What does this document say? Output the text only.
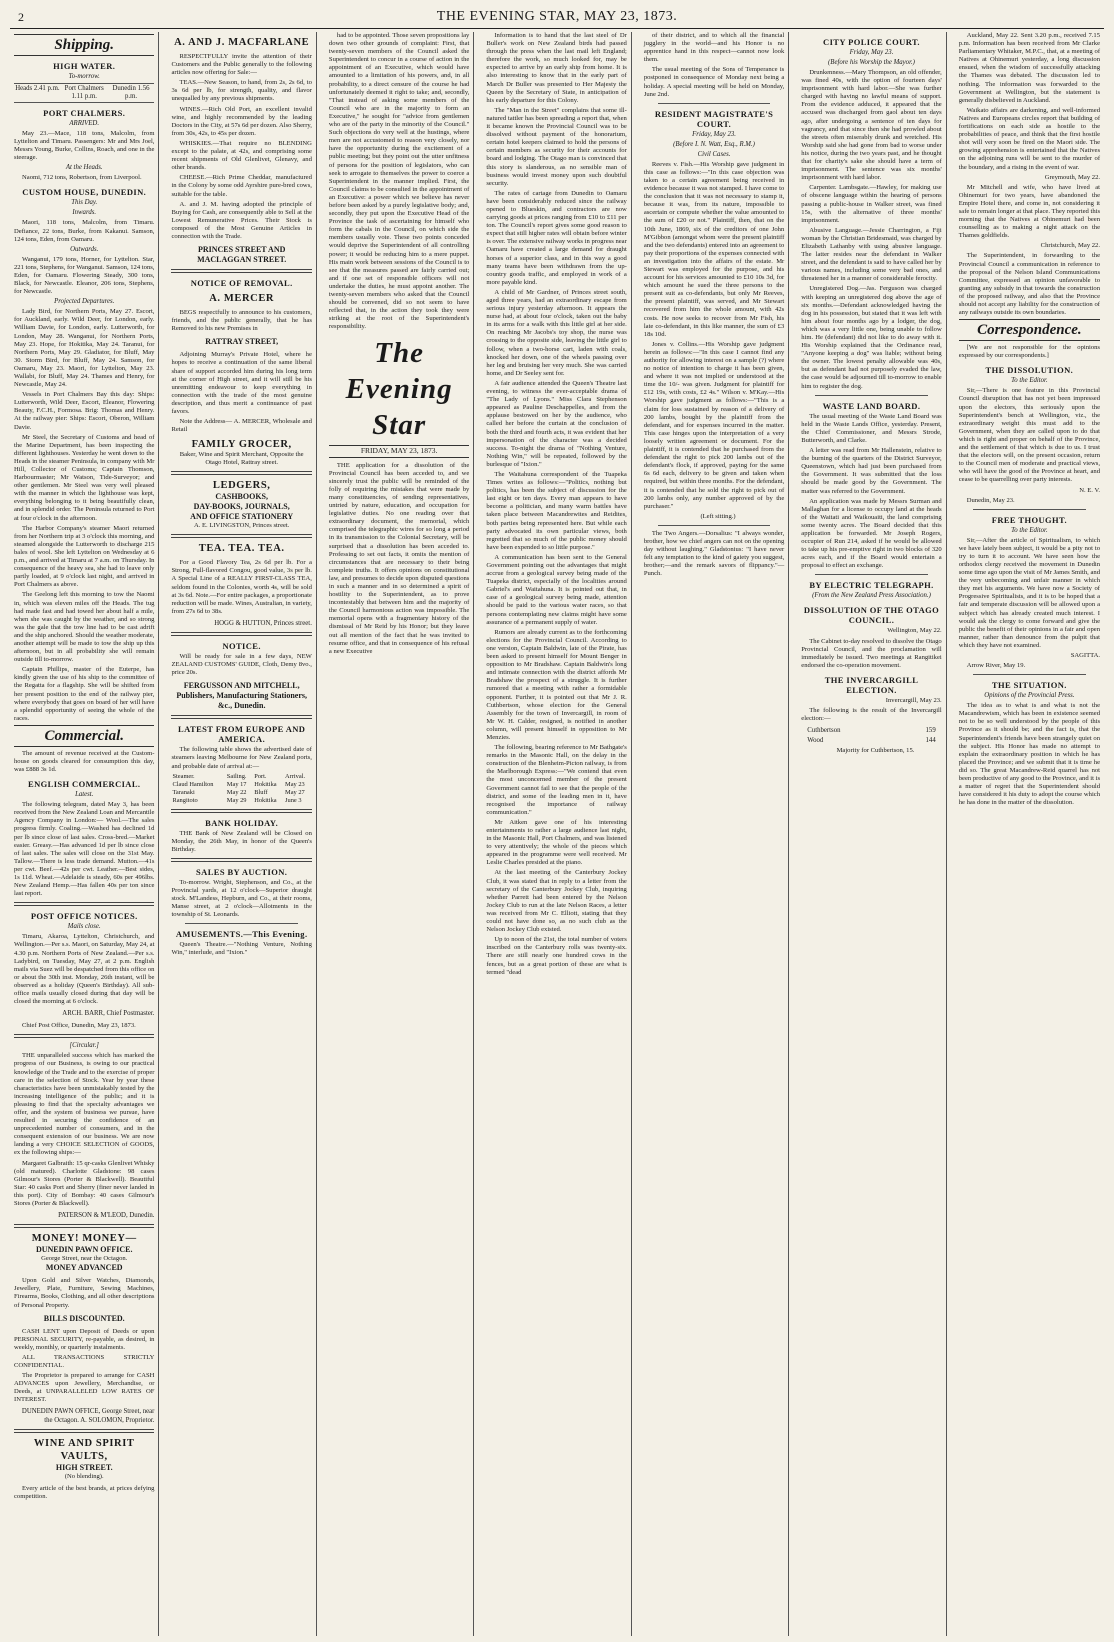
2	THE EVENING STAR, MAY 23, 1873.
Shipping.
HIGH WATER.
To-morrow.
Heads 2.41 p.m. Port Chalmers 1.11 p.m.
Dunedin 1.56 p.m.
PORT CHALMERS.
ARRIVED.

May 23.—Mace, 118 tons, Malcolm, from Lyttelton and Timaru. Passengers: Mr and Mrs Joel, Messrs Young, Burke, Collins, Roach, and one in the steerage.

At the Heads.

Naomi, 712 tons, Robertson, from Liverpool.

CUSTOM HOUSE, DUNEDIN.
This Day.
Inwards.

Maori, 118 tons, Malcolm, from Timaru. Defiance, 22 tons, Burke, from Kakanui. Samson, 124 tons, Eden, from Oamaru.

Outwards.

Wanganui, 179 tons, Horner, for Lyttelton. Star, 221 tons, Stephens, for Wanganui. Samson, 124 tons, Eden, for Oamaru. Flowering Steady, 300 tons, Black, for Newcastle. Eleanor, 206 tons, Stephens, for Newcastle.

Projected Departures.

Lady Bird, for Northern Ports, May 27. Escort, for Auckland, early. Wild Deer, for London, early. William Davie, for London, early. Lutterworth, for London, May 28. Wanganui, for Northern Ports, May 23. Hope, for Hokitika, May 24. Taranui, for Northern Ports, May 29. Gladiator, for Bluff, May 30. Storm Bird, for Bluff, May 24. Samson, for Oamaru, May 23. Maori, for Lyttelton, May 23. Wallabi, for Bluff, May 24. Thames and Henry, for Newcastle, May 24.

Vessels in Port Chalmers Bay this day: Ships: Lutterworth, Wild Deer, Escort, Eleanor, Flowering Beauty, F.C.H., Formosa. Brig: Thomas and Henry. At the railway pier: Ships: Escort, Oberon, William Davie.

Mr Steel, the Secretary of Customs and head of the Marine Department, has been inspecting the different lighthouses. Yesterday he went down to the Heads in the steamer Peninsula, in company with Mr Hill, Collector of Customs; Captain Thomson, Harbourmaster; Mr Watson, Tide-Surveyor; and other gentlemen. Mr Steel was very well pleased with the manner in which the lighthouse was kept, everything belonging to it being beautifully clean, and in splendid order. The Peninsula returned to Port at four o'clock in the afternoon.

The Harbor Company's steamer Maori returned from her Northern trip at 3 o'clock this morning, and steamed alongside the Lutterworth to discharge 215 bales of wool. She left Lyttelton on Wednesday at 6 p.m., and arrived at Timaru at 7 a.m. on Thursday. In consequence of the heavy sea, she had to leave only partly loaded, at 9 o'clock last night, and arrived in Port Chalmers as above.

The Geelong left this morning to tow the Naomi in, which was eleven miles off the Heads. The tug had made fast and had towed her about half a mile, when she was caught by the weather, and so strong was the gale that the tow line had to be cast adrift and the ship anchored. Should the weather moderate, another attempt will be made to tow the ship up this afternoon, but in all probability she will remain outside till to-morrow.

Captain Phillips, master of the Euterpe, has kindly given the use of his ship to the committee of the Regatta for a flagship. She will be shifted from her present position to the end of the railway pier, where everybody that goes on board of her will have a splendid opportunity of seeing the whole of the races.

Commercial.

The amount of revenue received at the Custom-house on goods cleared for consumption this day, was £888 3s 1d.

ENGLISH COMMERCIAL.
Latest.

The following telegram, dated May 3, has been received from the New Zealand Loan and Mercantile Agency Company in London:— Wool.—The sales progress firmly. Coaling.—Washed has declined 1d per lb since close of last sales. Cross-bred.—Market easier. Greasy.—Has advanced 1d per lb since close of last sales. The sales will close on the 31st May. Tallow.—There is less trade demand. Mutton.—41s per cwt. Beef.—42s per cwt. Leather.—Best sides, 1s 11d. Wheat.—Adelaide is steady, 60s per 496lbs. New Zealand Hemp.—Has fallen 40s per ton since last report.

POST OFFICE NOTICES.
Mails close.

Timaru, Akaroa, Lyttelton, Christchurch, and Wellington.—Per s.s. Maori, on Saturday, May 24, at 4.30 p.m. Northern Ports of New Zealand.—Per s.s. Ladybird, on Tuesday, May 27, at 2 p.m. English mails via Suez will be despatched from this office on or about the 30th inst. Monday, 26th instant, will be observed as a holiday (Queen's Birthday). All sub-office mails usually closed during that day will be closed the morning at 6 o'clock.

ARCH. BARR, Chief Postmaster.

Chief Post Office, Dunedin, May 23, 1873.

[Circular.]

THE unparalleled success which has marked the progress of our Business, is owing to our practical knowledge of the Trade and to the exercise of proper care in the selection of Stock. Year by year these characteristics have been unmistakably tested by the increasing intelligence of the public; and it is pleasing to find that the specialty advantages we offer, and the system of business we pursue, have resulted in securing the confidence of an unprecedented number of consumers, and in the consequent extension of our business. We are now landing a very CHOICE SELECTION of GOODS, ex the following ships:—

Margaret Galbraith: 15 qr-casks Glenlivet Whisky (old matured). Charlotte Gladstone: 98 cases Gilmour's Stores (Porter & Blackwell). Beautiful Star: 40 casks Port and Sherry (finer never landed in this port). City of Bombay: 40 cases Gilmour's Stores (Porter & Blackwell).

PATERSON & M'LEOD, Dunedin.
MONEY! MONEY—
DUNEDIN PAWN OFFICE.
George Street, near the Octagon.
MONEY ADVANCED

Upon Gold and Silver Watches, Diamonds, Jewellery, Plate, Furniture, Sewing Machines, Firearms, Books, Clothing, and all other descriptions of Personal Property.

BILLS DISCOUNTED.

CASH LENT upon Deposit of Deeds or upon PERSONAL SECURITY, re-payable, as desired, in weekly, monthly, or quarterly instalments.

ALL TRANSACTIONS STRICTLY CONFIDENTIAL.

The Proprietor is prepared to arrange for CASH ADVANCES upon Jewellery, Merchandise, or Deeds, at UNPARALLELED LOW RATES OF INTEREST.

DUNEDIN PAWN OFFICE, George Street, near the Octagon. A. SOLOMON, Proprietor.
WINE AND SPIRIT VAULTS,
HIGH STREET.
(No blending).

Every article of the best brands, at prices defying competition.

A. AND J. MACFARLANE

RESPECTFULLY invite the attention of their Customers and the Public generally to the following articles now offering for Sale:—

TEAS.—New Season, to hand, from 2s, 2s 6d, to 3s 6d per lb, for strength, quality, and flavor unequalled by any previous shipments.

WINES.—Rich Old Port, an excellent invalid wine, and highly recommended by the leading Doctors in the City, at 57s 6d per dozen. Also Sherry, from 30s, 42s, to 45s per dozen.

WHISKIES.—That require no BLENDING except to the palate, at 42s, and comprising some recent shipments of Old Glenlivet, Glenavy, and other brands.

CHEESE.—Rich Prime Cheddar, manufactured in the Colony by some odd Ayrshire pure-bred cows, suitable for the table.

A. and J. M. having adopted the principle of Buying for Cash, are consequently able to Sell at the Lowest Remunerative Prices. Their Stock is composed of the Most Genuine Articles in connection with the Trade.

PRINCES STREET AND MACLAGGAN STREET.
NOTICE OF REMOVAL.
A. MERCER

BEGS respectfully to announce to his customers, friends, and the public generally, that he has Removed to his new Premises in

RATTRAY STREET,

Adjoining Murray's Private Hotel, where he hopes to receive a continuation of the same liberal share of support accorded him during his long term at the corner of High street, and it will still be his unremitting endeavour to keep everything in connection with the trade of the most genuine description, and thus merit a continuance of past favors.

Note the Address— A. MERCER, Wholesale and Retail

FAMILY GROCER,
Baker, Wine and Spirit Merchant, Opposite the Otago Hotel, Rattray street.
LEDGERS,
CASHBOOKS,
DAY-BOOKS, JOURNALS,
AND OFFICE STATIONERY
A. E. LIVINGSTON, Princes street.
TEA. TEA. TEA.

For a Good Flavory Tea, 2s 6d per lb. For a Strong, Full-flavored Congou, good value, 3s per lb. A Special Line of a REALLY FIRST-CLASS TEA, seldom found in the Colonies, worth 4s, will be sold at 3s 6d. Note.—For entire packages, a proportionate reduction will be made. Wines, Australian, in variety, from 27s 6d to 38s.

HOGG & HUTTON, Princes street.
NOTICE.

Will be ready for sale in a few days, NEW ZEALAND CUSTOMS' GUIDE, Cloth, Demy 8vo., price 20s.

FERGUSSON AND MITCHELL, Publishers, Manufacturing Stationers, &c., Dunedin.
LATEST FROM EUROPE AND AMERICA.

The following table shows the advertised date of steamers leaving Melbourne for New Zealand ports, and probable date of arrival at:—

Steamer.	Sailing.	Port.	Arrival.
Claud Hamilton	May 17	Hokitika	May 23
Taranaki	May 22	Bluff	May 27
Rangitoto	May 29	Hokitika	June 3
BANK HOLIDAY.

THE Bank of New Zealand will be Closed on Monday, the 26th May, in honor of the Queen's Birthday.

SALES BY AUCTION.

To-morrow. Wright, Stephenson, and Co., at the Provincial yards, at 12 o'clock—Superior draught stock. M'Landess, Hepburn, and Co., at their rooms, Manse street, at 2 o'clock—Allotments in the township of St. Leonards.

AMUSEMENTS.—This Evening.

Queen's Theatre.—"Nothing Venture, Nothing Win," interlude, and "Ixion."

had to be appointed. Those seven propositions lay down two other grounds of complaint: First, that twenty-seven members of the Council asked the Superintendent to concur in a course of action in the appointment of an Executive, which would have amounted to a limitation of his powers, and, in all probability, to a direct censure of the course he had unfortunately deemed it right to take; and, secondly, "That instead of asking some members of the Council who are in the majority to form an Executive," he sought for "advice from gentlemen who are of the party in the minority of the Council." Such objections do very well at the hustings, where men are not accustomed to reason very closely, nor have the opportunity during the excitement of a public meeting; but they point out the utter unfitness of persons for the position of legislators, who can seek to arrogate to themselves the power to coerce a Superintendent in the manner implied. First, the Council claims to be consulted in the appointment of an Executive: a power which we believe has never before been asked by a purely legislative body; and, secondly, they put upon the Executive Head of the Province the task of ascertaining for himself who form the cabals in the Council, on which side the members usually vote. These two points conceded would deprive the Superintendent of all controlling power; it would be reducing him to a mere puppet. His main work between sessions of the Council is to see that the measures passed are fairly carried out; and if one set of responsible officers will not undertake the duties, he must appoint another. The twenty-seven members who asked that the Council should be convened, did so not seem to have reflected that, in the action they took they were striking at the root of the Superintendent's responsibility.

The Evening Star
FRIDAY, MAY 23, 1873.

THE application for a dissolution of the Provincial Council has been acceded to, and we sincerely trust the public will be reminded of the folly of requiring the mistakes that were made by many constituencies, of sending representatives, untried by nature, education, and occupation for legislative duties. No one reading over that extraordinary document, the memorial, which comprised the telegraphic wires for so long a period in its transmission to the Colonial Secretary, will be surprised that a dissolution has been acceded to. Professing to set out facts, it omits the mention of circumstances that are necessary to their being complete truths. It offers opinions on constitutional law, and presumes to decide upon disputed questions in such a manner and in so determined a spirit of hostility to the Superintendent, as to prove incontestably that between him and the majority of the Council harmonious action was impossible. The memorial opens with a fragmentary history of the dismissal of Mr Reid by his Honor; but they leave out all mention of the fact that he was invited to resume office, and that in consequence of his refusal a new Executive

Information is to hand that the last steel of Dr Buller's work on New Zealand birds had passed through the press when the last mail left England; therefore the work, so much looked for, may be expected to arrive by an early ship from home. It is also interesting to know that in the early part of March Dr Buller was presented to Her Majesty the Queen by the Secretary of State, in anticipation of his early departure for this Colony.

The "Man in the Street" complains that some ill-natured tattler has been spreading a report that, when it became known the Provincial Council was to be dissolved without payment of the honorarium, certain hotel keepers claimed to hold the persons of certain members as security for their accounts for board and lodging. The Otago man is convinced that this story is slanderous, as no sensible man of business would invest money upon such doubtful security.

The rates of cartage from Dunedin to Oamaru have been considerably reduced since the railway opened to Blueskin, and contractors are now carrying goods at prices ranging from £10 to £11 per ton. The Council's report gives some good reason to expect that still higher rates will obtain before winter is over. The extensive railway works in progress near Oamaru have created a large demand for draught horses of a superior class, and in this way a good many teams have been withdrawn from the up-country goods traffic, and employed in work of a more payable kind.

A child of Mr Gardner, of Princes street south, aged three years, had an extraordinary escape from serious injury yesterday afternoon. It appears the nurse had, at about four o'clock, taken out the baby in its arms for a walk with this little girl at her side. On reaching Mr Jacobs's toy shop, the nurse was crossing to the opposite side, leaving the little girl to follow, when a two-horse cart, laden with coals, knocked her down, one of the wheels passing over her leg and bruising her very much. She was carried home, and Dr Seeley sent for.

A fair audience attended the Queen's Theatre last evening, to witness the ever-acceptable drama of "The Lady of Lyons." Miss Clara Stephenson appeared as Pauline Deschappelles, and from the applause bestowed on her by the audience, who called her before the curtain at the conclusion of both the third and fourth acts, it was evident that her impersonation of the character was a decided success. To-night the drama of "Nothing Venture, Nothing Win," will be repeated, followed by the burlesque of "Ixion."

The Waitahuna correspondent of the Tuapeka Times writes as follows:—"Politics, nothing but politics, has been the subject of discussion for the last eight or ten days. Every man appears to have become a politician, and many warm battles have taken place between Macandrewites and Reidites, both parties being represented here. But while each party advocated its own particular views, both regretted that so much of the public money should have been expended to so little purpose."

A communication has been sent to the General Government pointing out the advantages that might accrue from a geological survey being made of the Tuapeka district, especially of the localities around Gabriel's and Waitahuna. It is pointed out that, in case of a geological survey being made, attention should be paid to the various water races, so that persons contemplating new claims might have some assurance of a permanent supply of water.

Rumors are already current as to the forthcoming elections for the Provincial Council. According to one version, Captain Baldwin, late of the Pirate, has been asked to present himself for Mount Benger in opposition to Mr Bradshaw. Captain Baldwin's long and intimate connection with the district affords Mr Bradshaw the prospect of a struggle. It is further rumored that a meeting with rather a formidable opponent. Further, it is pointed out that Mr J. R. Cuthbertson, whose election for the General Assembly for the town of Invercargill, in room of Mr W. H. Calder, resigned, is notified in another column, will present himself in opposition to Mr Menzies.

The following, bearing reference to Mr Bathgate's remarks in the Masonic Hall, on the delay in the construction of the Blenheim-Picton railway, is from the Marlborough Express:—"We contend that even the most unconcerned member of the present Government cannot fail to see that the people of the district, and some of the leading men in it, have recognised the importance of railway communication."

Mr Aitken gave one of his interesting entertainments to rather a large audience last night, in the Masonic Hall, Port Chalmers, and was listened to very attentively; the whole of the pieces which appeared in the programme were well received. Mr Leslie Charles presided at the piano.

At the last meeting of the Canterbury Jockey Club, it was stated that in reply to a letter from the secretary of the Canterbury Jockey Club, inquiring whether Parrett had been entered by the Nelson Jockey Club to run at the late Nelson Races, a letter was received from Mr C. Elliott, stating that they could not have done so, as no such club as the Nelson Jockey Club existed.

Up to noon of the 21st, the total number of voters inscribed on the Canterbury rolls was twenty-six. There are still nearly one hundred cows in the fences, but as a great portion of these are what is termed "dead

of their district, and to which all the financial jugglery in the world—and his Honor is no apprentice hand in this respect—cannot now look them.

The usual meeting of the Sons of Temperance is postponed in consequence of Monday next being a holiday. A special meeting will be held on Monday, June 2nd.

RESIDENT MAGISTRATE'S COURT.
Friday, May 23.
(Before I. N. Watt, Esq., R.M.)
Civil Cases.

Reeves v. Fish.—His Worship gave judgment in this case as follows:—"In this case objection was taken to a certain agreement being received in evidence because it was not stamped. I have come to the conclusion that it was not necessary to stamp it, because it was, from its nature, impossible to ascertain or compute whether the value amounted to the sum of £20 or not." Plaintiff, then, that on the 10th June, 1869, six of the creditors of one John M'Gibbon (amongst whom were the present plaintiff and the two defendants) entered into an agreement to pay their proportions of the expenses connected with an investigation into the affairs of the estate. Mr Stewart was employed for the purpose, and his account for his services amounted to £10 10s 3d, for which amount he sued the three persons to the present suit as co-defendants, but only Mr Reeves, the present plaintiff, was served, and Mr Stewart recovered from him the whole amount, with 42s costs. He now seeks to recover from Mr Fish, his late co-defendant, in this like manner, the sum of £3 18s 10d.

Jones v. Collins.—His Worship gave judgment herein as follows:—"In this case I cannot find any authority for allowing interest on a sample (?) where no notice of intention to charge it has been given, and where it was not implied or understood at the time the 10/- was given. Judgment for plaintiff for £12 19s, with costs, £2 4s." Wilson v. M'Kay.—His Worship gave judgment as follows:—"This is a claim for loss sustained by reason of a delivery of 200 lambs, bought by the plaintiff from the defendant, and for expenses incurred in the matter. This case hinges upon the interpretation of a very loosely written agreement or document. For the plaintiff, it is contended that he purchased from the defendant the right to pick 200 lambs out of the defendant's flock, if approved, paying for the same 6s 6d each, delivery to be given and taken when required, but within three months. For the defendant, it is contended that he sold the right to pick out of 200 lambs only, any number approved of by the purchaser."

(Left sitting.)

The Two Angers.—Dorsalius: "I always wonder, brother, how we chief angers can not on the opening day without laughing." Gladstonius: "I have never felt any temptation to the kind of gaiety you suggest, brother;—and the remark savors of flippancy."—Punch.

CITY POLICE COURT.
Friday, May 23.
(Before his Worship the Mayor.)

Drunkenness.—Mary Thompson, an old offender, was fined 40s, with the option of fourteen days' imprisonment with hard labor.—She was further charged with having no lawful means of support. From the evidence adduced, it appeared that the accused was discharged from gaol about ten days ago, after undergoing a sentence of ten days for vagrancy, and that since then she had prowled about the streets often miserably drunk and wretched. His Worship said she had gone from bad to worse under his notice, during the two years past, and he thought that for charity's sake she should have a term of imprisonment. The sentence was six months' imprisonment with hard labor.

Carpenter. Lambsgate.—Hawley, for making use of obscene language within the hearing of persons passing a public-house in Walker street, was fined 15s, with the alternative of three months' imprisonment.

Abusive Language.—Jessie Charrington, a Fiji woman by the Christian Bridesmaid, was charged by Elizabeth Lathanby with using abusive language. The latter resides near the defendant in Walker street, and the defendant is said to have called her by various names, including some very bad ones, and threatened her in a manner of considerable ferocity.

Unregistered Dog.—Jas. Ferguson was charged with keeping an unregistered dog above the age of six months.—Defendant acknowledged having the dog in his possession, but stated that it was left with him about four months ago by a lodger, the dog, which was a very little one, being unable to follow him. He (defendant) did not like to do away with it. His Worship explained that the Ordinance read, "Anyone keeping a dog" was liable; without being the owner. The lowest penalty allowable was 40s, but as defendant had not purposely evaded the law, the case would be adjourned till to-morrow to enable him to register the dog.

WASTE LAND BOARD.

The usual meeting of the Waste Land Board was held in the Waste Lands Office, yesterday. Present, the Chief Commissioner, and Messrs Strode, Butterworth, and Clarke.

A letter was read from Mr Hallenstein, relative to the burning of the quarters of the District Surveyor, Queenstown, which had just been purchased from the Government. It was submitted that the loss should be made good by the Government. The matter was referred to the Government.

An application was made by Messrs Surman and Mallaghan for a license to occupy land at the heads of the Waitati and Waikouaiti, the land comprising some twenty acres. The Board decided that this application be forwarded. Mr Joseph Rogers, occupier of Run 214, asked if he would be allowed to take up his pre-emptive right in two blocks of 320 acres each, and if the Board would entertain a proposal to effect an exchange.

BY ELECTRIC TELEGRAPH.
(From the New Zealand Press Association.)
DISSOLUTION OF THE OTAGO COUNCIL.

Wellington, May 22.

The Cabinet to-day resolved to dissolve the Otago Provincial Council, and the proclamation will immediately be issued. Two meetings at Rangitikei endorsed the co-operation movement.

THE INVERCARGILL ELECTION.

Invercargill, May 23.

The following is the result of the Invercargill election:—

Cuthbertson	159
Wood	144

Majority for Cuthbertson, 15.

Auckland, May 22. Sent 3.20 p.m., received 7.15 p.m. Information has been received from Mr Clarke Parliamentary Whitaker, M.P.C., that, at a meeting of Natives at Ohinemuri yesterday, a long discussion ensued, when the wisdom of successfully attacking the Thames was debated. The discussion led to nothing. The information was forwarded to the Government at Wellington, but the statement is generally disbelieved in Auckland.

Waikato affairs are darkening, and well-informed Natives and Europeans circles report that building of fortifications on each side as hostile to the probabilities of peace, and think that the first hostile shot will very soon be fired on the Maori side. The growing apprehension is entertained that the Natives on the adjoining runs will be sent to the murder of the boundary, and a rising in the event of war.

Greymouth, May 22.

Mr Mitchell and wife, who have lived at Ohinemuri for two years, have abandoned the Empire Hotel there, and come in, not considering it safe to remain longer at that place. They reported this morning that the Natives at Ohinemuri had been counselling as to making a night attack on the Thames goldfields.

Christchurch, May 22.

The Superintendent, in forwarding to the Provincial Council a communication in reference to the proposal of the Nelson Island Communications Committee, expressed an opinion unfavorable to granting any subsidy in that towards the construction of the proposed railway, and also that the Province should not accept any liability for the construction of any railways outside its own boundaries.

Correspondence.

[We are not responsible for the opinions expressed by our correspondents.]

THE DISSOLUTION.
To the Editor.

Sir,—There is one feature in this Provincial Council disruption that has not yet been impressed upon the electors, this seriously upon the Superintendent's bench at Wellington, viz., the extraordinary weight this must add to the Government, when they are called upon to do that which is right and proper on behalf of the Province, and the settlement of that which is due to us. I trust that the electors will, on the present occasion, return to the Council men of moderate and practical views, who will have the good of the Province at heart, and cease to be quarrelling over party interests.

N. E. V.

Dunedin, May 23.

FREE THOUGHT.
To the Editor.

Sir,—After the article of Spiritualism, to which we have lately been subject, it would be a pity not to try to turn it to account. We have seen how the orthodox clergy received the movement in Dunedin some time ago upon the visit of Mr James Smith, and the very unbecoming and unfair manner in which they met his arguments. We have now a Society of Progressive Spiritualists, and it is to be hoped that a fair and temperate discussion will be allowed upon a subject which has already created much interest. I would ask the clergy to come forward and give the public the benefit of their opinions in a fair and open manner, rather than denounce from the pulpit that which they have not examined.

SAGITTA.

Arrow River, May 19.

THE SITUATION.
Opinions of the Provincial Press.

The idea as to what is and what is not the Macandrewism, which has been in existence seemed not to be so well understood by the people of this Province as it should be; and the fact is, that the Superintendent's friends have been strangely quiet on the subject. His Honor has made no attempt to explain the extraordinary position in which he has placed the Province; and we submit that it is time he did so. The great Macandrew-Reid quarrel has not been productive of any good to the Province, and it is a matter of regret that the Superintendent should have considered it his duty to adopt the course which he has done in the matter of the dissolution.
